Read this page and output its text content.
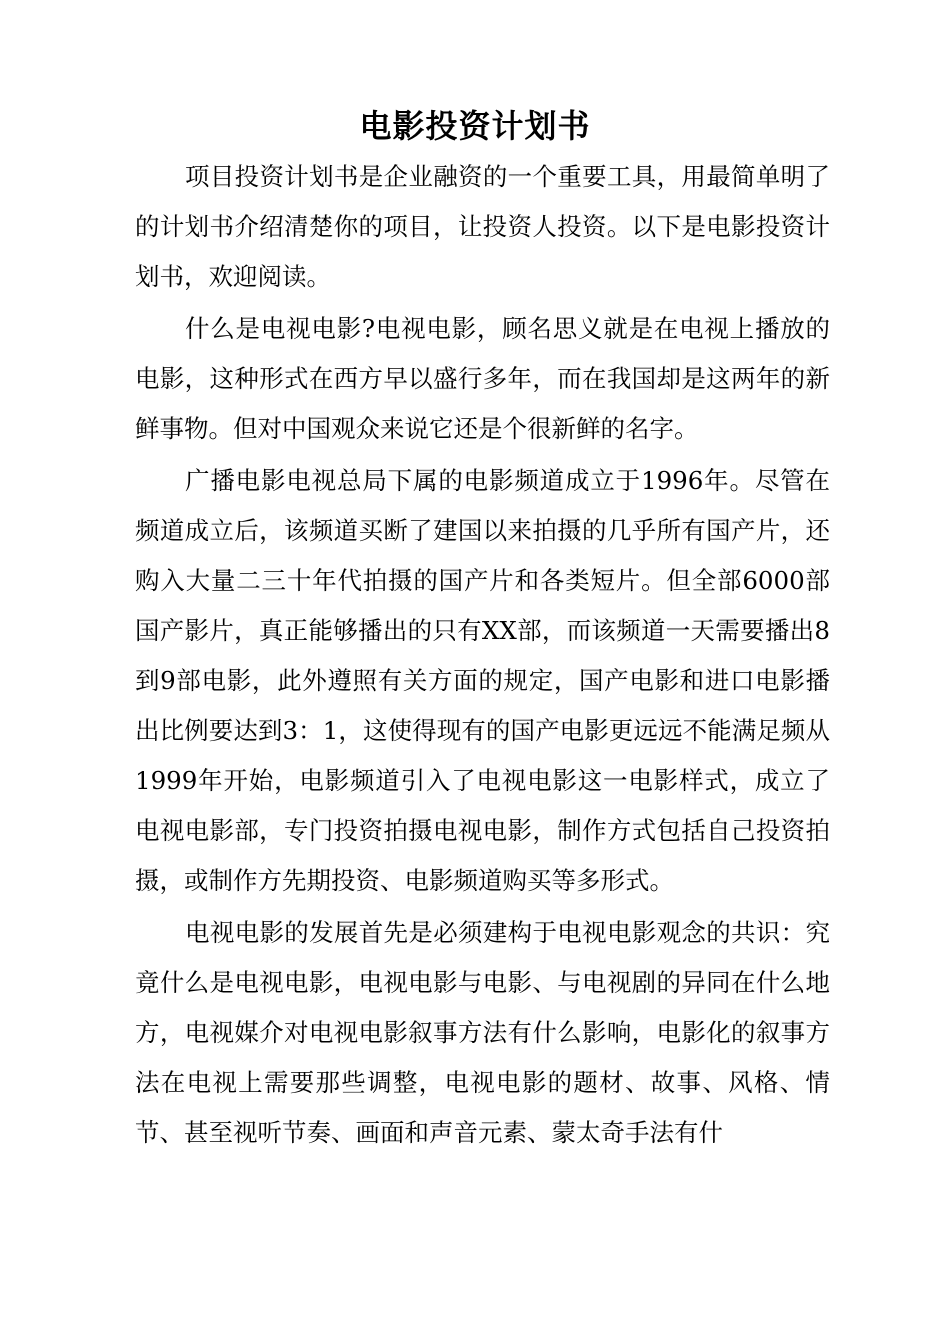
电影投资计划书

项目投资计划书是企业融资的一个重要工具，用最简单明了的计划书介绍清楚你的项目，让投资人投资。以下是电影投资计划书，欢迎阅读。

什么是电视电影?电视电影，顾名思义就是在电视上播放的电影，这种形式在西方早以盛行多年，而在我国却是这两年的新鲜事物。但对中国观众来说它还是个很新鲜的名字。

广播电影电视总局下属的电影频道成立于1996年。尽管在频道成立后，该频道买断了建国以来拍摄的几乎所有国产片，还购入大量二三十年代拍摄的国产片和各类短片。但全部6000部国产影片，真正能够播出的只有XX部，而该频道一天需要播出8到9部电影，此外遵照有关方面的规定，国产电影和进口电影播出比例要达到3：1，这使得现有的国产电影更远远不能满足频从1999年开始，电影频道引入了电视电影这一电影样式，成立了电视电影部，专门投资拍摄电视电影，制作方式包括自己投资拍摄，或制作方先期投资、电影频道购买等多形式。

电视电影的发展首先是必须建构于电视电影观念的共识：究竟什么是电视电影，电视电影与电影、与电视剧的异同在什么地方，电视媒介对电视电影叙事方法有什么影响，电影化的叙事方法在电视上需要那些调整，电视电影的题材、故事、风格、情节、甚至视听节奏、画面和声音元素、蒙太奇手法有什
